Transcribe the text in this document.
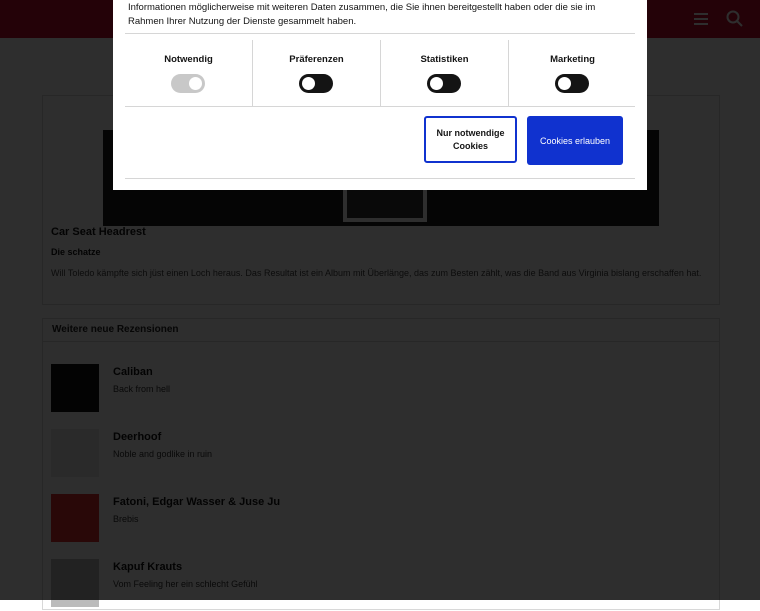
Informationen möglicherweise mit weiteren Daten zusammen, die Sie ihnen bereitgestellt haben oder die sie im Rahmen Ihrer Nutzung der Dienste gesammelt haben.
Notwendig	Präferenzen	Statistiken	Marketing
Nur notwendige Cookies	Cookies erlauben
